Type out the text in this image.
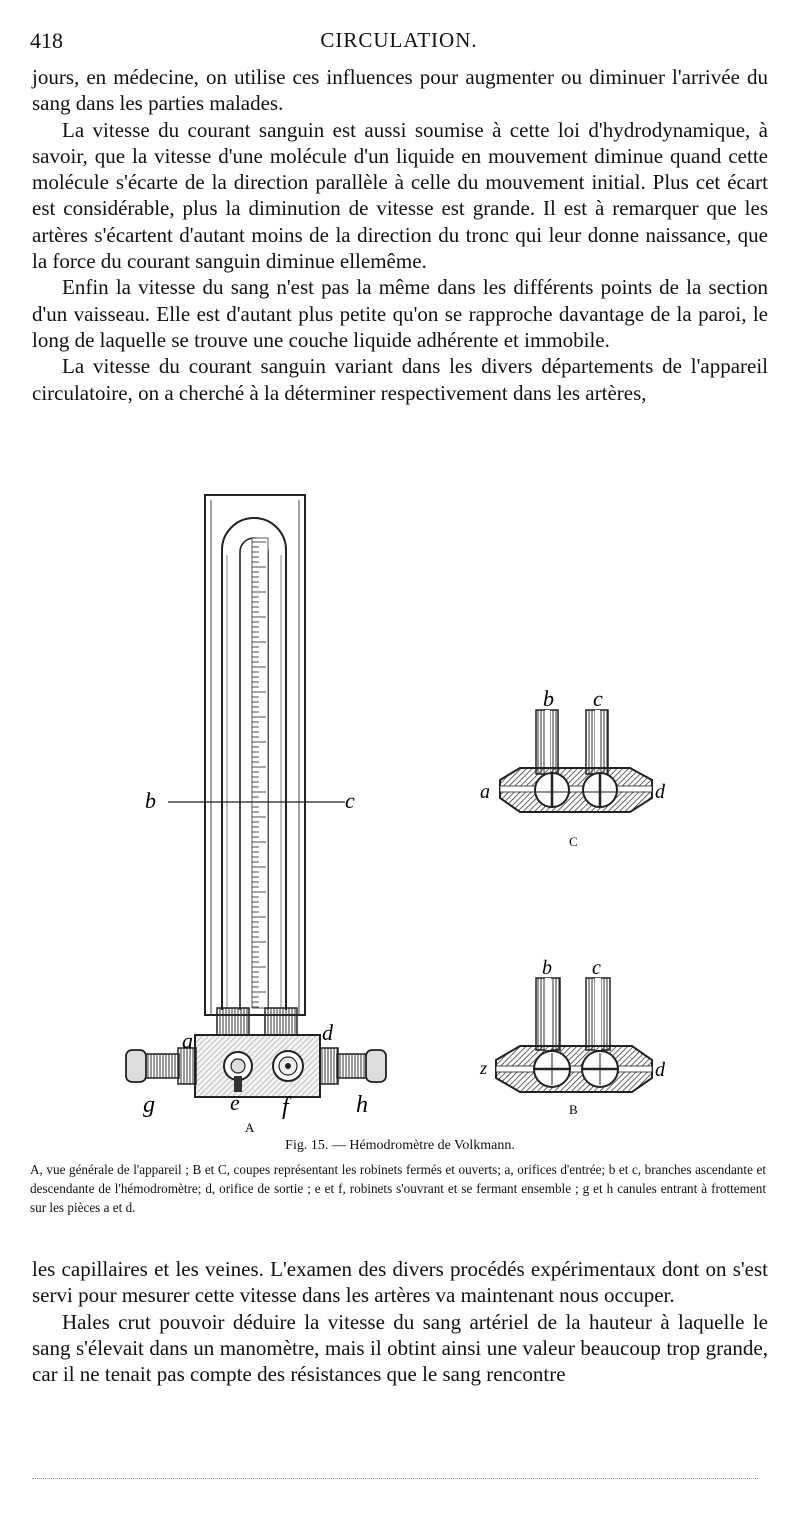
418	CIRCULATION.

jours, en médecine, on utilise ces influences pour augmenter ou diminuer l'arrivée du sang dans les parties malades.

La vitesse du courant sanguin est aussi soumise à cette loi d'hydrodynamique, à savoir, que la vitesse d'une molécule d'un liquide en mouvement diminue quand cette molécule s'écarte de la direction parallèle à celle du mouvement initial. Plus cet écart est considérable, plus la diminution de vitesse est grande. Il est à remarquer que les artères s'écartent d'autant moins de la direction du tronc qui leur donne naissance, que la force du courant sanguin diminue ellemême.

Enfin la vitesse du sang n'est pas la même dans les différents points de la section d'un vaisseau. Elle est d'autant plus petite qu'on se rapproche davantage de la paroi, le long de laquelle se trouve une couche liquide adhérente et immobile.

La vitesse du courant sanguin variant dans les divers départements de l'appareil circulatoire, on a cherché à la déterminer respectivement dans les artères,

b	c
a	d
g	e f	h
A
b c
a	d
C
b c
z	d
B
Fig. 15. — Hémodromètre de Volkmann.
A, vue générale de l'appareil ; B et C, coupes représentant les robinets fermés et ouverts; a, orifices d'entrée; b et c, branches ascendante et descendante de l'hémodromètre; d, orifice de sortie ; e et f, robinets s'ouvrant et se fermant ensemble ; g et h canules entrant à frottement sur les pièces a et d.

les capillaires et les veines. L'examen des divers procédés expérimentaux dont on s'est servi pour mesurer cette vitesse dans les artères va maintenant nous occuper.

Hales crut pouvoir déduire la vitesse du sang artériel de la hauteur à laquelle le sang s'élevait dans un manomètre, mais il obtint ainsi une valeur beaucoup trop grande, car il ne tenait pas compte des résistances que le sang rencontre
